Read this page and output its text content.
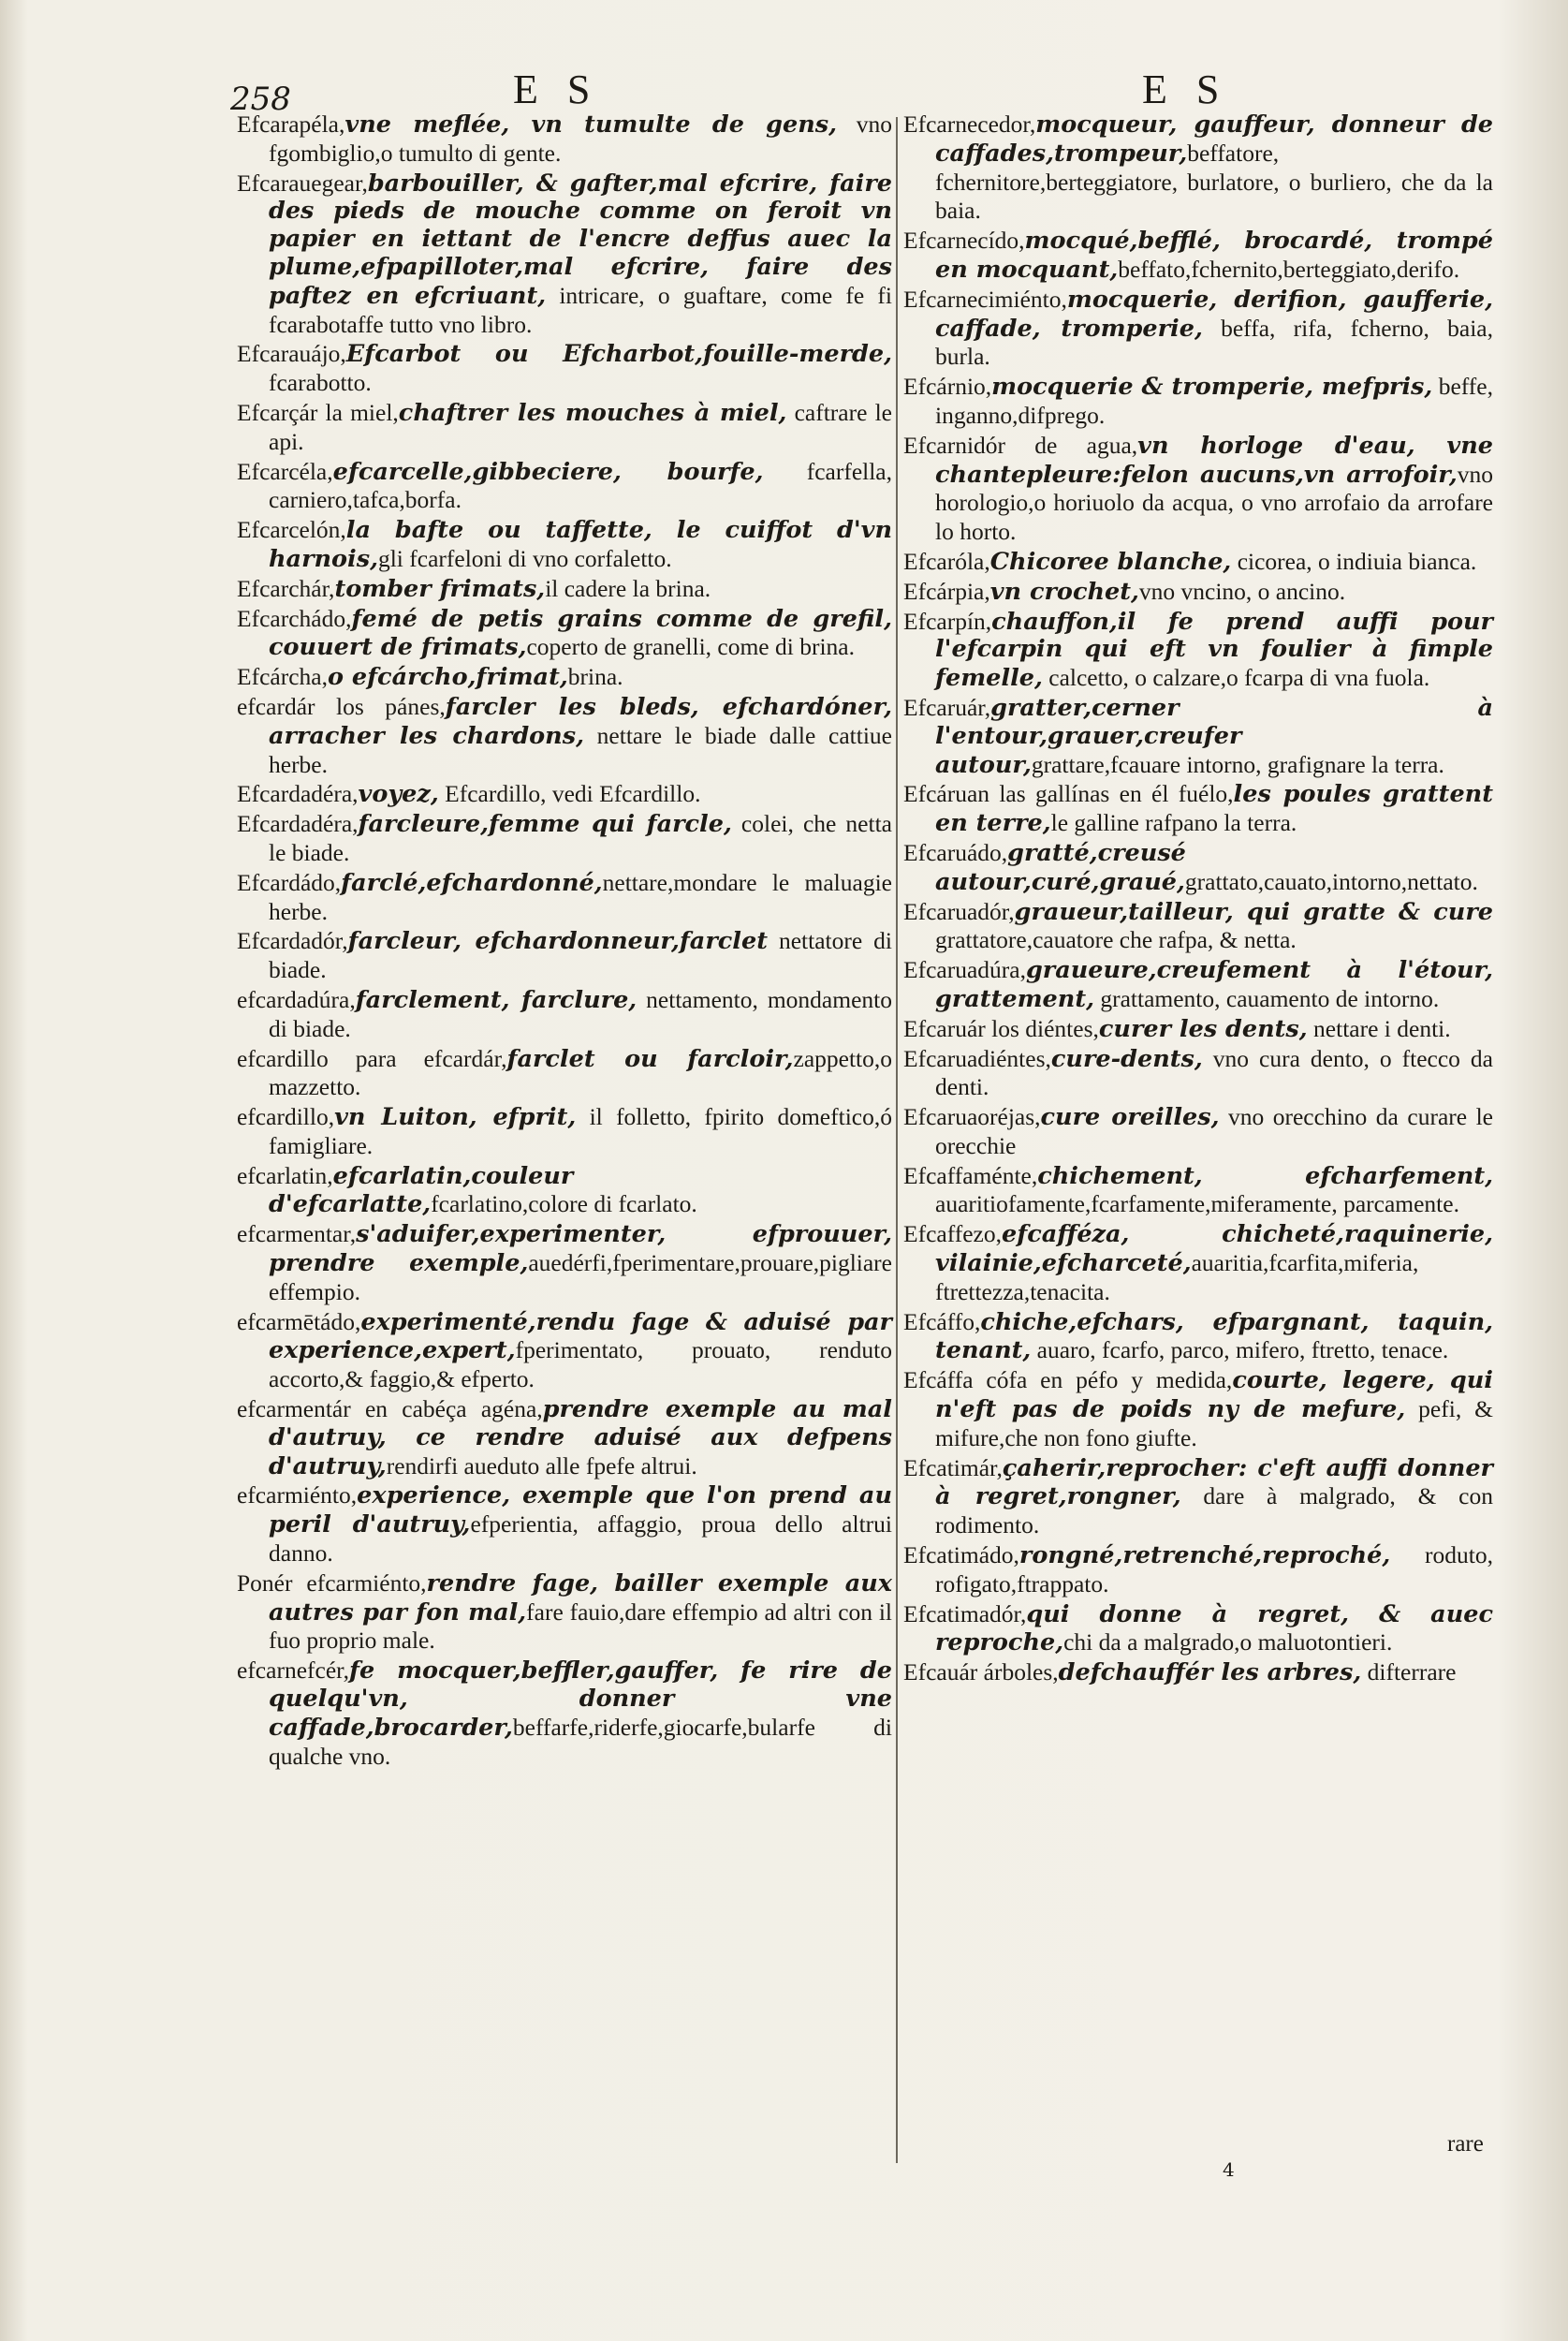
258	E S	E S

Efcarapéla,vne meflée, vn tumulte de gens, vno fgombiglio,o tumulto di gente.

Efcarauegear,barbouiller, & gafter,mal efcrire, faire des pieds de mouche comme on feroit vn papier en iettant de l'encre deffus auec la plume,efpapilloter,mal efcrire, faire des paftez en efcriuant, intricare, o guaftare, come fe fi fcarabotaffe tutto vno libro.

Efcarauájo,Efcarbot ou Efcharbot,fouille-merde, fcarabotto.

Efcarçár la miel,chaftrer les mouches à miel, caftrare le api.

Efcarcéla,efcarcelle,gibbeciere, bourfe, fcarfella, carniero,tafca,borfa.

Efcarcelón,la bafte ou taffette, le cuiffot d'vn harnois,gli fcarfeloni di vno corfaletto.

Efcarchár,tomber frimats,il cadere la brina.

Efcarchádo,femé de petis grains comme de grefil, couuert de frimats,coperto de granelli, come di brina.

Efcárcha,o efcárcho,frimat,brina.

efcardár los pánes,farcler les bleds, efchardóner, arracher les chardons, nettare le biade dalle cattiue herbe.

Efcardadéra,voyez, Efcardillo, vedi Efcardillo.

Efcardadéra,farcleure,femme qui farcle, colei, che netta le biade.

Efcardádo,farclé,efchardonné,nettare,mondare le maluagie herbe.

Efcardadór,farcleur, efchardonneur,farclet nettatore di biade.

efcardadúra,farclement, farclure, nettamento, mondamento di biade.

efcardillo para efcardár,farclet ou farcloir,zappetto,o mazzetto.

efcardillo,vn Luiton, efprit, il folletto, fpirito domeftico,ó famigliare.

efcarlatin,efcarlatin,couleur d'efcarlatte,fcarlatino,colore di fcarlato.

efcarmentar,s'aduifer,experimenter, efprouuer, prendre exemple,auedérfi,fperimentare,prouare,pigliare effempio.

efcarmētádo,experimenté,rendu fage & aduisé par experience,expert,fperimentato, prouato, renduto accorto,& faggio,& efperto.

efcarmentár en cabéça agéna,prendre exemple au mal d'autruy, ce rendre aduisé aux defpens d'autruy,rendirfi aueduto alle fpefe altrui.

efcarmiénto,experience, exemple que l'on prend au peril d'autruy,efperientia, affaggio, proua dello altrui danno.

Ponér efcarmiénto,rendre fage, bailler exemple aux autres par fon mal,fare fauio,dare effempio ad altri con il fuo proprio male.

efcarnefcér,fe mocquer,beffler,gauffer, fe rire de quelqu'vn, donner vne caffade,brocarder,beffarfe,riderfe,giocarfe,bularfe di qualche vno.

Efcarnecedor,mocqueur, gauffeur, donneur de caffades,trompeur,beffatore, fchernitore,berteggiatore, burlatore, o burliero, che da la baia.

Efcarnecído,mocqué,befflé, brocardé, trompé en mocquant,beffato,fchernito,berteggiato,derifo.

Efcarnecimiénto,mocquerie, derifion, gaufferie, caffade, tromperie, beffa, rifa, fcherno, baia, burla.

Efcárnio,mocquerie & tromperie, mefpris, beffe, inganno,difprego.

Efcarnidór de agua,vn horloge d'eau, vne chantepleure:felon aucuns,vn arrofoir,vno horologio,o horiuolo da acqua, o vno arrofaio da arrofare lo horto.

Efcaróla,Chicoree blanche, cicorea, o indiuia bianca.

Efcárpia,vn crochet,vno vncino, o ancino.

Efcarpín,chauffon,il fe prend auffi pour l'efcarpin qui eft vn foulier à fimple femelle, calcetto, o calzare,o fcarpa di vna fuola.

Efcaruár,gratter,cerner à l'entour,grauer,creufer autour,grattare,fcauare intorno, grafignare la terra.

Efcáruan las gallínas en él fuélo,les poules grattent en terre,le galline rafpano la terra.

Efcaruádo,gratté,creusé autour,curé,graué,grattato,cauato,intorno,nettato.

Efcaruadór,graueur,tailleur, qui gratte & cure grattatore,cauatore che rafpa, & netta.

Efcaruadúra,graueure,creufement à l'étour, grattement, grattamento, cauamento de intorno.

Efcaruár los diéntes,curer les dents, nettare i denti.

Efcaruadiéntes,cure-dents, vno cura dento, o ftecco da denti.

Efcaruaoréjas,cure oreilles, vno orecchino da curare le orecchie

Efcaffaménte,chichement, efcharfement, auaritiofamente,fcarfamente,miferamente, parcamente.

Efcaffezo,efcafféza, chicheté,raquinerie, vilainie,efcharceté,auaritia,fcarfita,miferia, ftrettezza,tenacita.

Efcáffo,chiche,efchars, efpargnant, taquin, tenant, auaro, fcarfo, parco, mifero, ftretto, tenace.

Efcáffa cófa en péfo y medida,courte, legere, qui n'eft pas de poids ny de mefure, pefi, & mifure,che non fono giufte.

Efcatimár,çaherir,reprocher: c'eft auffi donner à regret,rongner, dare à malgrado, & con rodimento.

Efcatimádo,rongné,retrenché,reproché, roduto, rofigato,ftrappato.

Efcatimadór,qui donne à regret, & auec reproche,chi da a malgrado,o maluotontieri.

Efcauár árboles,defchauffér les arbres, difterrare

4
rare
